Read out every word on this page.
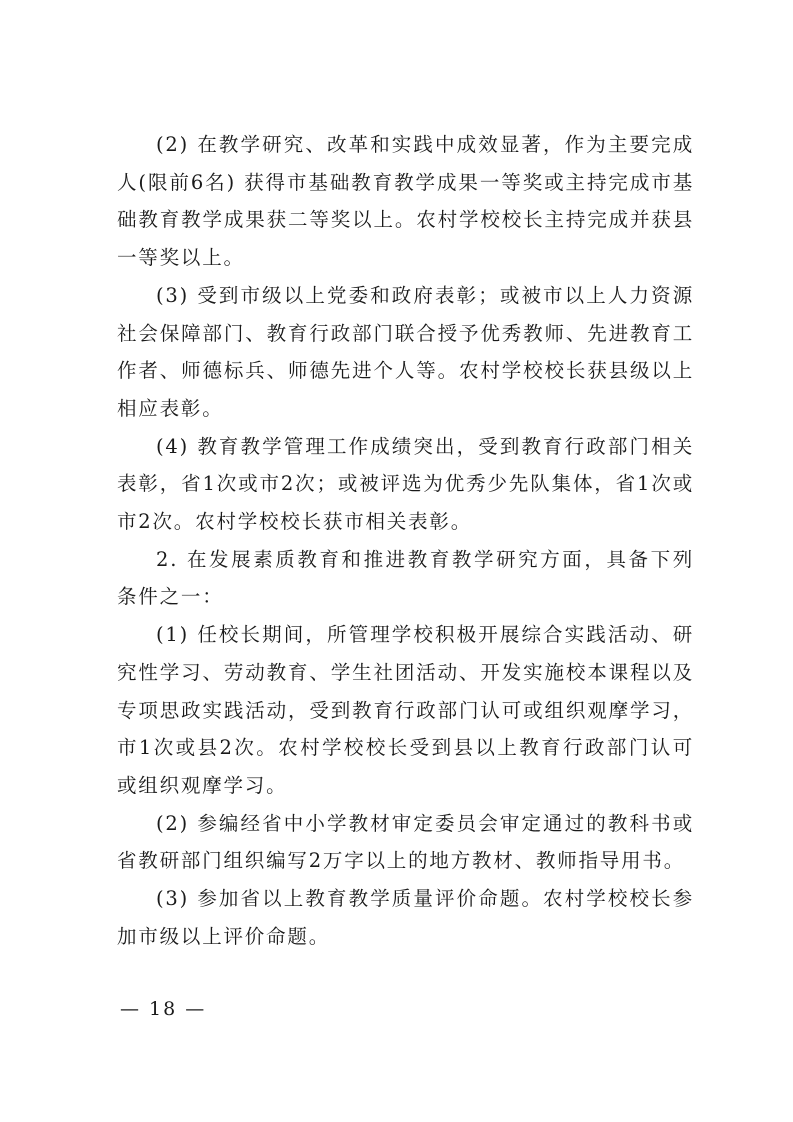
(2) 在教学研究、改革和实践中成效显著，作为主要完成人(限前6名) 获得市基础教育教学成果一等奖或主持完成市基础教育教学成果获二等奖以上。农村学校校长主持完成并获县一等奖以上。

(3) 受到市级以上党委和政府表彰；或被市以上人力资源社会保障部门、教育行政部门联合授予优秀教师、先进教育工作者、师德标兵、师德先进个人等。农村学校校长获县级以上相应表彰。

(4) 教育教学管理工作成绩突出，受到教育行政部门相关表彰，省1次或市2次；或被评选为优秀少先队集体，省1次或市2次。农村学校校长获市相关表彰。

2. 在发展素质教育和推进教育教学研究方面，具备下列条件之一：

(1) 任校长期间，所管理学校积极开展综合实践活动、研究性学习、劳动教育、学生社团活动、开发实施校本课程以及专项思政实践活动，受到教育行政部门认可或组织观摩学习，市1次或县2次。农村学校校长受到县以上教育行政部门认可或组织观摩学习。

(2) 参编经省中小学教材审定委员会审定通过的教科书或省教研部门组织编写2万字以上的地方教材、教师指导用书。

(3) 参加省以上教育教学质量评价命题。农村学校校长参加市级以上评价命题。

— 18 —
